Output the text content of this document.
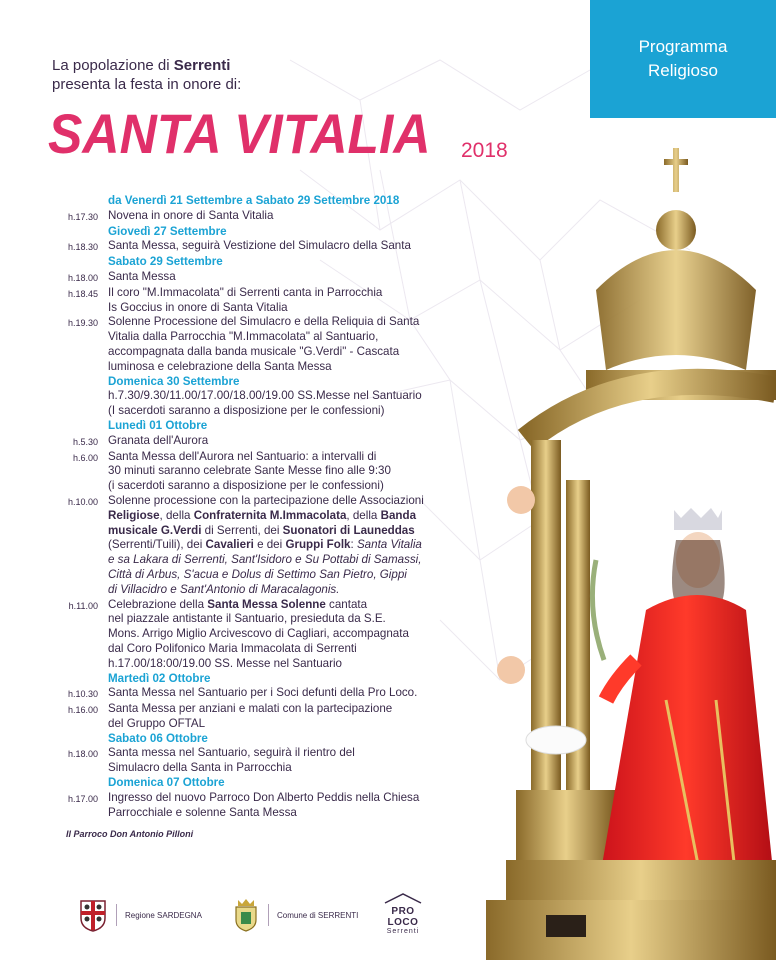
Programma
Religioso
La popolazione di Serrenti
presenta la festa in onore di:
SANTA VITALIA 2018
da Venerdì 21 Settembre a Sabato 29 Settembre 2018
h.17.30 Novena in onore di Santa Vitalia
Giovedì 27 Settembre
h.18.30 Santa Messa, seguirà Vestizione del Simulacro della Santa
Sabato 29 Settembre
h.18.00 Santa Messa
h.18.45 Il coro "M.Immacolata" di Serrenti canta in Parrocchia
Is Goccius in onore di Santa Vitalia
h.19.30 Solenne Processione del Simulacro e della Reliquia di Santa
Vitalia dalla Parrocchia "M.Immacolata" al Santuario,
accompagnata dalla banda musicale "G.Verdi" - Cascata
luminosa e celebrazione della Santa Messa
Domenica 30 Settembre
h.7.30/9.30/11.00/17.00/18.00/19.00 SS.Messe nel Santuario
(I sacerdoti saranno a disposizione per le confessioni)
Lunedì 01 Ottobre
h.5.30 Granata dell'Aurora
h.6.00 Santa Messa dell'Aurora nel Santuario: a intervalli di
30 minuti saranno celebrate Sante Messe fino alle 9:30
(i sacerdoti saranno a disposizione per le confessioni)
h.10.00 Solenne processione con la partecipazione delle Associazioni
Religiose, della Confraternita M.Immacolata, della Banda
musicale G.Verdi di Serrenti, dei Suonatori di Launeddas
(Serrenti/Tuili), dei Cavalieri e dei Gruppi Folk: Santa Vitalia
e sa Lakara di Serrenti, Sant'Isidoro e Su Pottabi di Samassi,
Città di Arbus, S'acua e Dolus di Settimo San Pietro, Gippi
di Villacidro e Sant'Antonio di Maracalagonis.
h.11.00 Celebrazione della Santa Messa Solenne cantata
nel piazzale antistante il Santuario, presieduta da S.E.
Mons. Arrigo Miglio Arcivescovo di Cagliari, accompagnata
dal Coro Polifonico Maria Immacolata di Serrenti
h.17.00/18:00/19.00 SS. Messe nel Santuario
Martedì 02 Ottobre
h.10.30 Santa Messa nel Santuario per i Soci defunti della Pro Loco.
h.16.00 Santa Messa per anziani e malati con la partecipazione
del Gruppo OFTAL
Sabato 06 Ottobre
h.18.00 Santa messa nel Santuario, seguirà il rientro del
Simulacro della Santa in Parrocchia
Domenica 07 Ottobre
h.17.00 Ingresso del nuovo Parroco Don Alberto Peddis nella Chiesa
Parrocchiale e solenne Santa Messa
Il Parroco Don Antonio Pilloni
Regione SARDEGNA	Comune di SERRENTI	PRO LOCO
Serrenti
